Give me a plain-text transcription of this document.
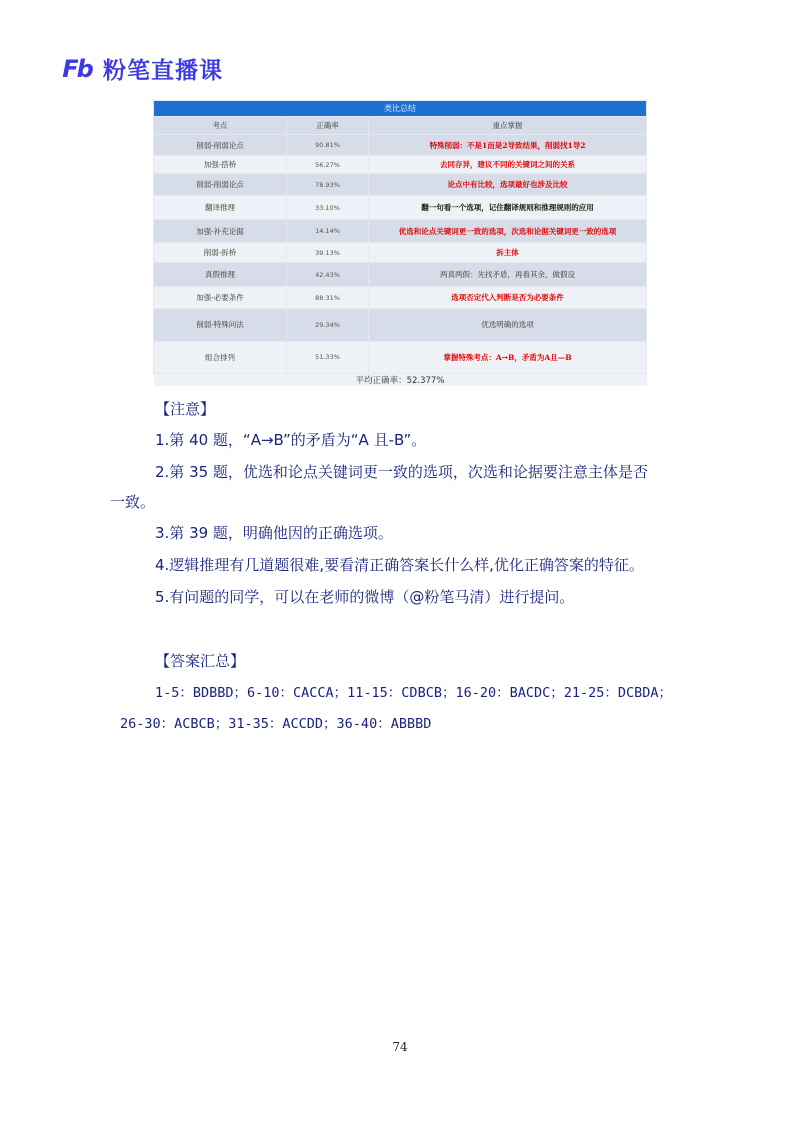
Fb 粉笔直播课
类比总结		
考点	正确率	重点掌握
削弱-削弱论点	90.81%	特殊削弱：不是1而是2导致结果，削弱找1导2
加强-搭桥	56.27%	去同存异，建议不同的关键词之间的关系
削弱-削弱论点	78.93%	论点中有比较，选项最好也涉及比较
翻译推理	33.10%	翻一句看一个选项，记住翻译规则和推理规则的应用
加强-补充论据	14.14%	优选和论点关键词更一致的选项，次选和论据关键词更一致的选项
削弱-拆桥	39.13%	拆主体
真假推理	42.43%	两真两假：先找矛盾，再看其余，做假设
加强-必要条件	88.31%	选项否定代入判断是否为必要条件
削弱-特殊问法	29.34%	优选明确的选项
组合排列	51.33%	掌握特殊考点：A→B，矛盾为A且—B
平均正确率：52.377%		
【注意】
1.第 40 题，“A→B”的矛盾为“A 且-B”。
2.第 35 题，优选和论点关键词更一致的选项，次选和论据要注意主体是否
一致。
3.第 39 题，明确他因的正确选项。
4.逻辑推理有几道题很难,要看清正确答案长什么样,优化正确答案的特征。
5.有问题的同学，可以在老师的微博（@粉笔马清）进行提问。
【答案汇总】
1-5：BDBBD；6-10：CACCA；11-15：CDBCB；16-20：BACDC；21-25：DCBDA；
26-30：ACBCB；31-35：ACCDD；36-40：ABBBD
74
